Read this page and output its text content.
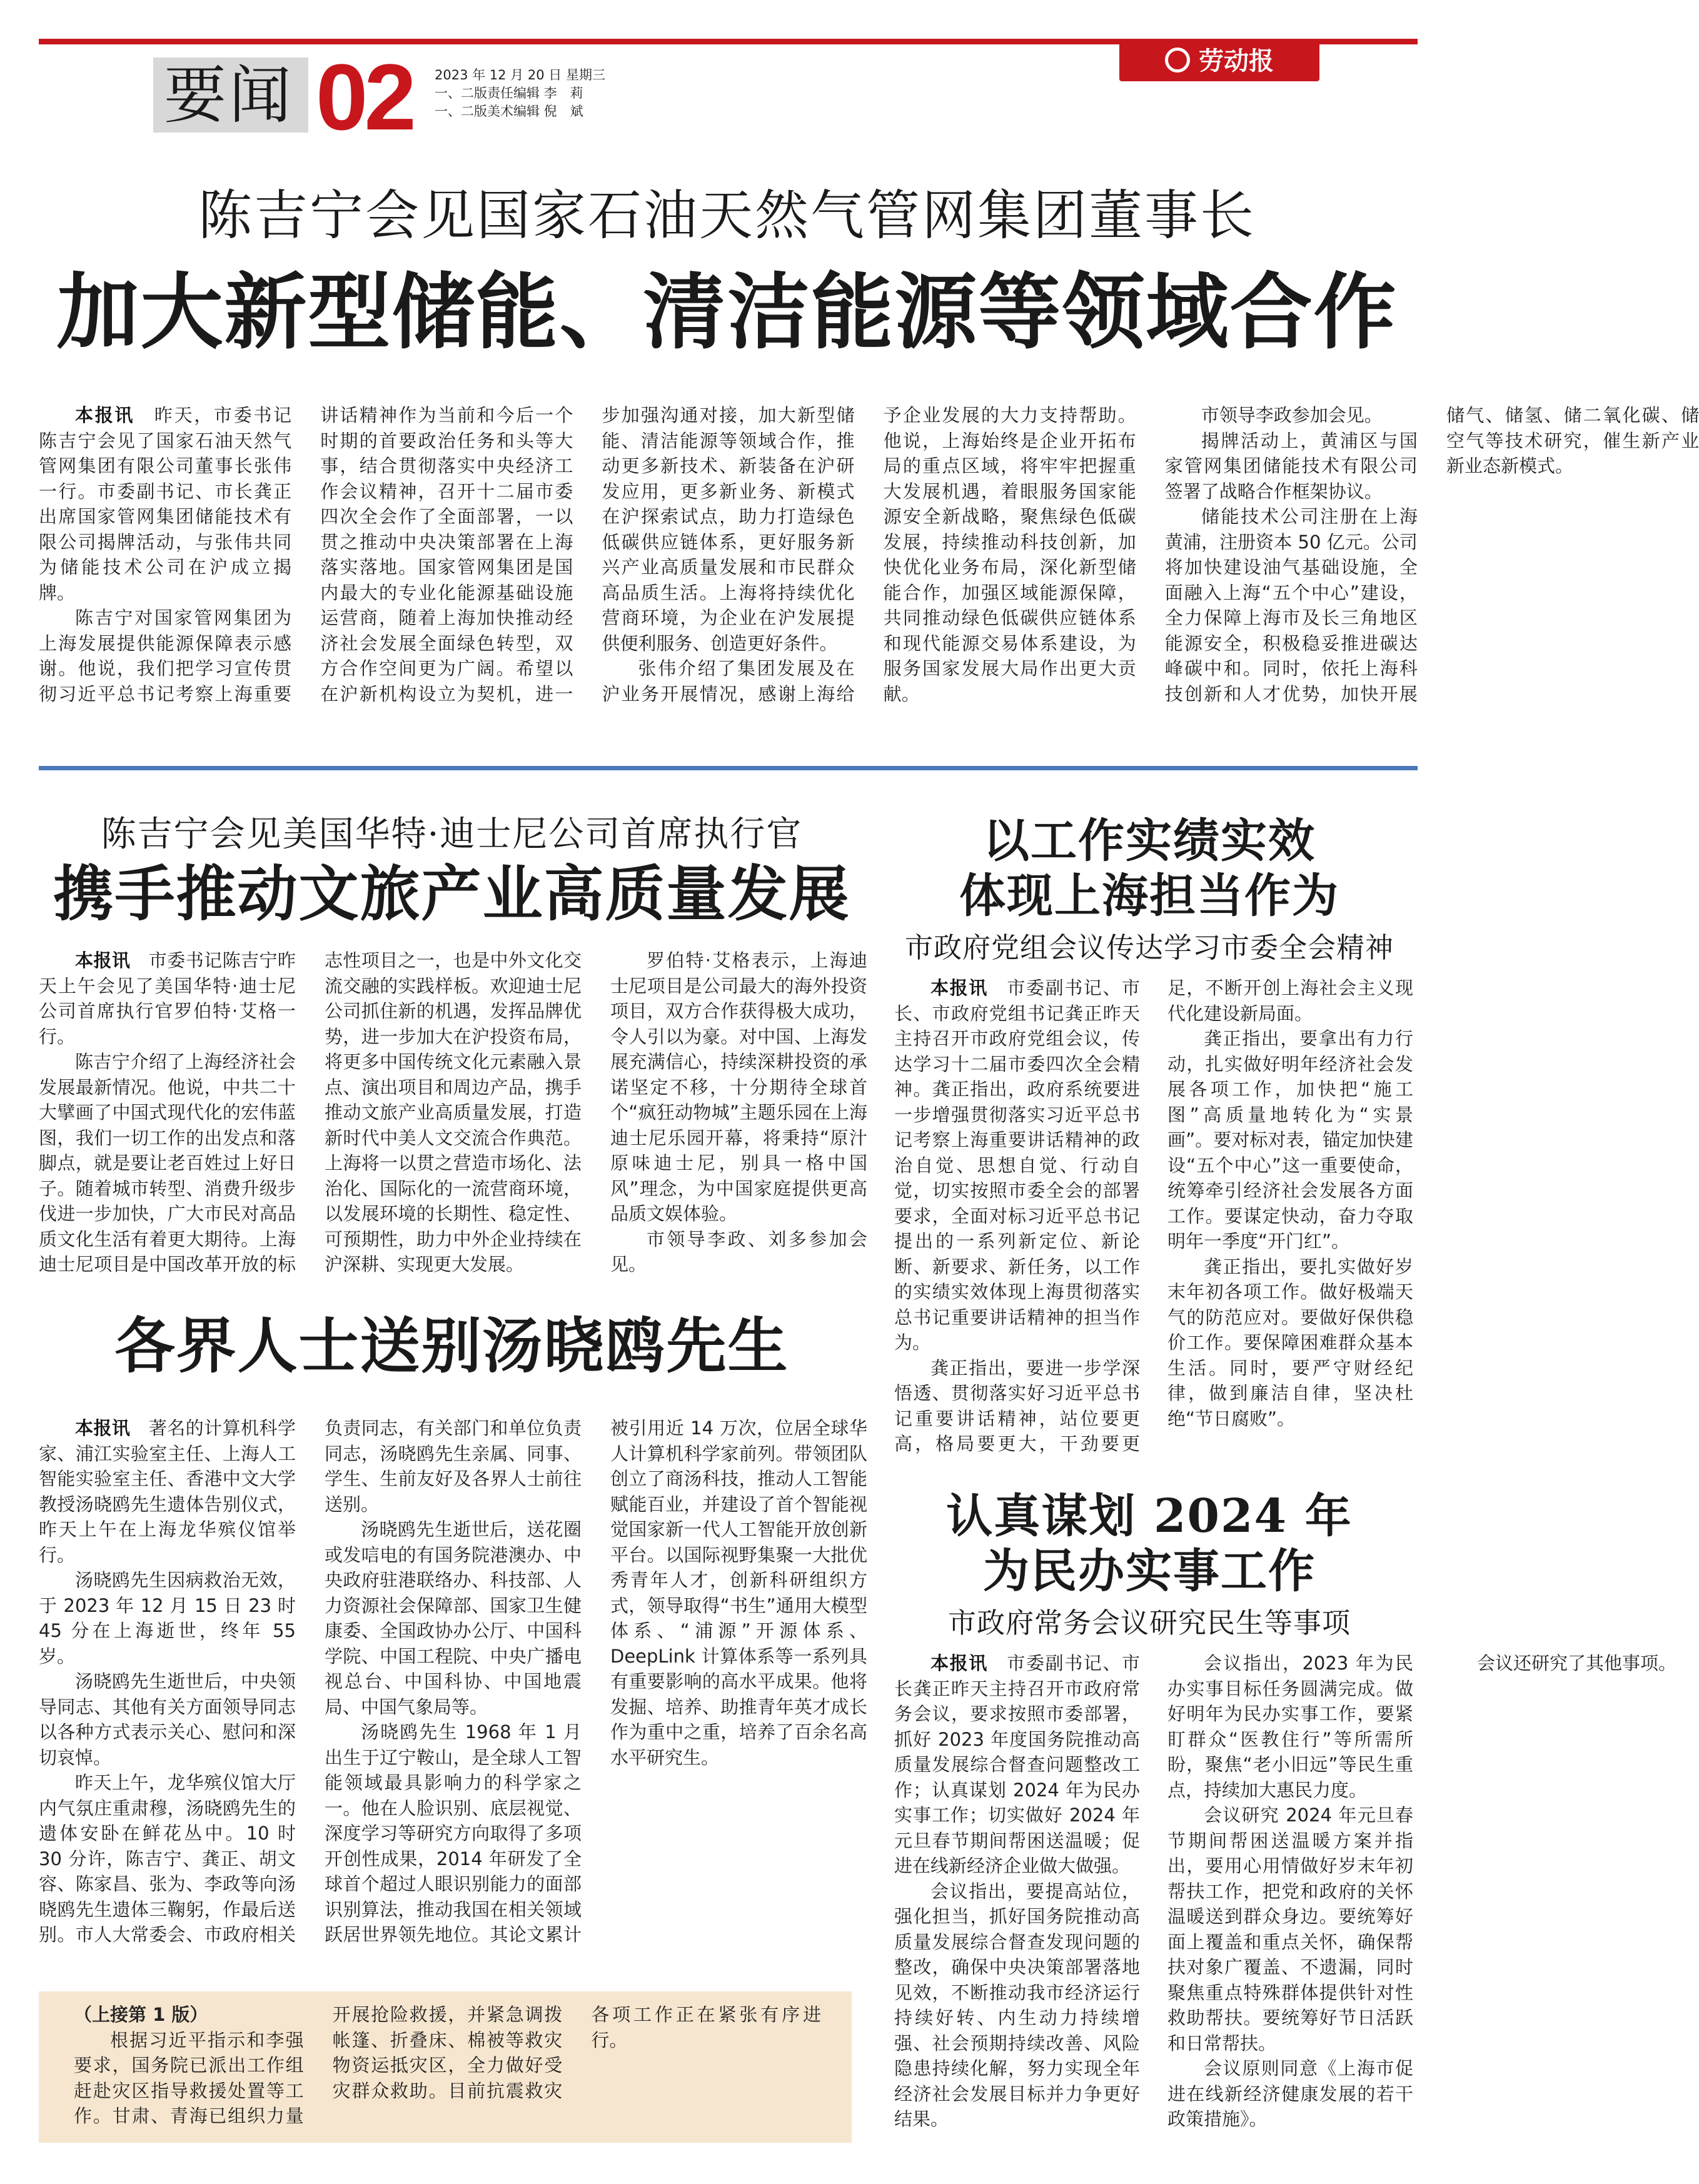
要闻 02 2023 年 12 月 20 日 星期三
一、二版责任编辑 李　莉
一、二版美术编辑 倪　斌
劳动报
陈吉宁会见国家石油天然气管网集团董事长
加大新型储能、清洁能源等领域合作

本报讯　 昨天，市委书记陈吉宁会见了国家石油天然气管网集团有限公司董事长张伟一行。市委副书记、市长龚正出席国家管网集团储能技术有限公司揭牌活动，与张伟共同为储能技术公司在沪成立揭牌。

陈吉宁对国家管网集团为上海发展提供能源保障表示感谢。他说，我们把学习宣传贯彻习近平总书记考察上海重要讲话精神作为当前和今后一个时期的首要政治任务和头等大事，结合贯彻落实中央经济工作会议精神，召开十二届市委四次全会作了全面部署，一以贯之推动中央决策部署在上海落实落地。国家管网集团是国内最大的专业化能源基础设施运营商，随着上海加快推动经济社会发展全面绿色转型，双方合作空间更为广阔。希望以在沪新机构设立为契机，进一步加强沟通对接，加大新型储能、清洁能源等领域合作，推动更多新技术、新装备在沪研发应用，更多新业务、新模式在沪探索试点，助力打造绿色低碳供应链体系，更好服务新兴产业高质量发展和市民群众高品质生活。上海将持续优化营商环境，为企业在沪发展提供便利服务、创造更好条件。

张伟介绍了集团发展及在沪业务开展情况，感谢上海给予企业发展的大力支持帮助。他说，上海始终是企业开拓布局的重点区域，将牢牢把握重大发展机遇，着眼服务国家能源安全新战略，聚焦绿色低碳发展，持续推动科技创新，加快优化业务布局，深化新型储能合作，加强区域能源保障，共同推动绿色低碳供应链体系和现代能源交易体系建设，为服务国家发展大局作出更大贡献。

市领导李政参加会见。

揭牌活动上，黄浦区与国家管网集团储能技术有限公司签署了战略合作框架协议。

储能技术公司注册在上海黄浦，注册资本 50 亿元。公司将加快建设油气基础设施，全面融入上海“五个中心”建设，全力保障上海市及长三角地区能源安全，积极稳妥推进碳达峰碳中和。同时，依托上海科技创新和人才优势，加快开展储气、储氢、储二氧化碳、储空气等技术研究，催生新产业新业态新模式。

陈吉宁会见美国华特·迪士尼公司首席执行官
携手推动文旅产业高质量发展

本报讯　 市委书记陈吉宁昨天上午会见了美国华特·迪士尼公司首席执行官罗伯特·艾格一行。

陈吉宁介绍了上海经济社会发展最新情况。他说，中共二十大擘画了中国式现代化的宏伟蓝图，我们一切工作的出发点和落脚点，就是要让老百姓过上好日子。随着城市转型、消费升级步伐进一步加快，广大市民对高品质文化生活有着更大期待。上海迪士尼项目是中国改革开放的标志性项目之一，也是中外文化交流交融的实践样板。欢迎迪士尼公司抓住新的机遇，发挥品牌优势，进一步加大在沪投资布局，将更多中国传统文化元素融入景点、演出项目和周边产品，携手推动文旅产业高质量发展，打造新时代中美人文交流合作典范。上海将一以贯之营造市场化、法治化、国际化的一流营商环境，以发展环境的长期性、稳定性、可预期性，助力中外企业持续在沪深耕、实现更大发展。

罗伯特·艾格表示，上海迪士尼项目是公司最大的海外投资项目，双方合作获得极大成功，令人引以为豪。对中国、上海发展充满信心，持续深耕投资的承诺坚定不移，十分期待全球首个“疯狂动物城”主题乐园在上海迪士尼乐园开幕，将秉持“原汁原味迪士尼，别具一格中国风”理念，为中国家庭提供更高品质文娱体验。

市领导李政、刘多参加会见。

各界人士送别汤晓鸥先生

本报讯　 著名的计算机科学家、浦江实验室主任、上海人工智能实验室主任、香港中文大学教授汤晓鸥先生遗体告别仪式，昨天上午在上海龙华殡仪馆举行。

汤晓鸥先生因病救治无效，于 2023 年 12 月 15 日 23 时 45 分在上海逝世，终年 55 岁。

汤晓鸥先生逝世后，中央领导同志、其他有关方面领导同志以各种方式表示关心、慰问和深切哀悼。

昨天上午，龙华殡仪馆大厅内气氛庄重肃穆，汤晓鸥先生的遗体安卧在鲜花丛中。10 时 30 分许，陈吉宁、龚正、胡文容、陈家昌、张为、李政等向汤晓鸥先生遗体三鞠躬，作最后送别。市人大常委会、市政府相关负责同志，有关部门和单位负责同志，汤晓鸥先生亲属、同事、学生、生前友好及各界人士前往送别。

汤晓鸥先生逝世后，送花圈或发唁电的有国务院港澳办、中央政府驻港联络办、科技部、人力资源社会保障部、国家卫生健康委、全国政协办公厅、中国科学院、中国工程院、中央广播电视总台、中国科协、中国地震局、中国气象局等。

汤晓鸥先生 1968 年 1 月出生于辽宁鞍山，是全球人工智能领域最具影响力的科学家之一。他在人脸识别、底层视觉、深度学习等研究方向取得了多项开创性成果，2014 年研发了全球首个超过人眼识别能力的面部识别算法，推动我国在相关领域跃居世界领先地位。其论文累计被引用近 14 万次，位居全球华人计算机科学家前列。带领团队创立了商汤科技，推动人工智能赋能百业，并建设了首个智能视觉国家新一代人工智能开放创新平台。以国际视野集聚一大批优秀青年人才，创新科研组织方式，领导取得“书生”通用大模型体系、“浦源”开源体系、DeepLink 计算体系等一系列具有重要影响的高水平成果。他将发掘、培养、助推青年英才成长作为重中之重，培养了百余名高水平研究生。

（上接第 1 版）

根据习近平指示和李强要求，国务院已派出工作组赶赴灾区指导救援处置等工作。甘肃、青海已组织力量开展抢险救援，并紧急调拨帐篷、折叠床、棉被等救灾物资运抵灾区，全力做好受灾群众救助。目前抗震救灾各项工作正在紧张有序进行。

以工作实绩实效
体现上海担当作为
市政府党组会议传达学习市委全会精神

本报讯　 市委副书记、市长、市政府党组书记龚正昨天主持召开市政府党组会议，传达学习十二届市委四次全会精神。龚正指出，政府系统要进一步增强贯彻落实习近平总书记考察上海重要讲话精神的政治自觉、思想自觉、行动自觉，切实按照市委全会的部署要求，全面对标习近平总书记提出的一系列新定位、新论断、新要求、新任务，以工作的实绩实效体现上海贯彻落实总书记重要讲话精神的担当作为。

龚正指出，要进一步学深悟透、贯彻落实好习近平总书记重要讲话精神，站位要更高，格局要更大，干劲要更足，不断开创上海社会主义现代化建设新局面。

龚正指出，要拿出有力行动，扎实做好明年经济社会发展各项工作，加快把“施工图”高质量地转化为“实景画”。要对标对表，锚定加快建设“五个中心”这一重要使命，统筹牵引经济社会发展各方面工作。要谋定快动，奋力夺取明年一季度“开门红”。

龚正指出，要扎实做好岁末年初各项工作。做好极端天气的防范应对。要做好保供稳价工作。要保障困难群众基本生活。同时，要严守财经纪律，做到廉洁自律，坚决杜绝“节日腐败”。

认真谋划 2024 年
为民办实事工作
市政府常务会议研究民生等事项

本报讯　 市委副书记、市长龚正昨天主持召开市政府常务会议，要求按照市委部署，抓好 2023 年度国务院推动高质量发展综合督查问题整改工作；认真谋划 2024 年为民办实事工作；切实做好 2024 年元旦春节期间帮困送温暖；促进在线新经济企业做大做强。

会议指出，要提高站位，强化担当，抓好国务院推动高质量发展综合督查发现问题的整改，确保中央决策部署落地见效，不断推动我市经济运行持续好转、内生动力持续增强、社会预期持续改善、风险隐患持续化解，努力实现全年经济社会发展目标并力争更好结果。

会议指出，2023 年为民办实事目标任务圆满完成。做好明年为民办实事工作，要紧盯群众“医教住行”等所需所盼，聚焦“老小旧远”等民生重点，持续加大惠民力度。

会议研究 2024 年元旦春节期间帮困送温暖方案并指出，要用心用情做好岁末年初帮扶工作，把党和政府的关怀温暖送到群众身边。要统筹好面上覆盖和重点关怀，确保帮扶对象广覆盖、不遗漏，同时聚焦重点特殊群体提供针对性救助帮扶。要统筹好节日活跃和日常帮扶。

会议原则同意《上海市促进在线新经济健康发展的若干政策措施》。

会议还研究了其他事项。
